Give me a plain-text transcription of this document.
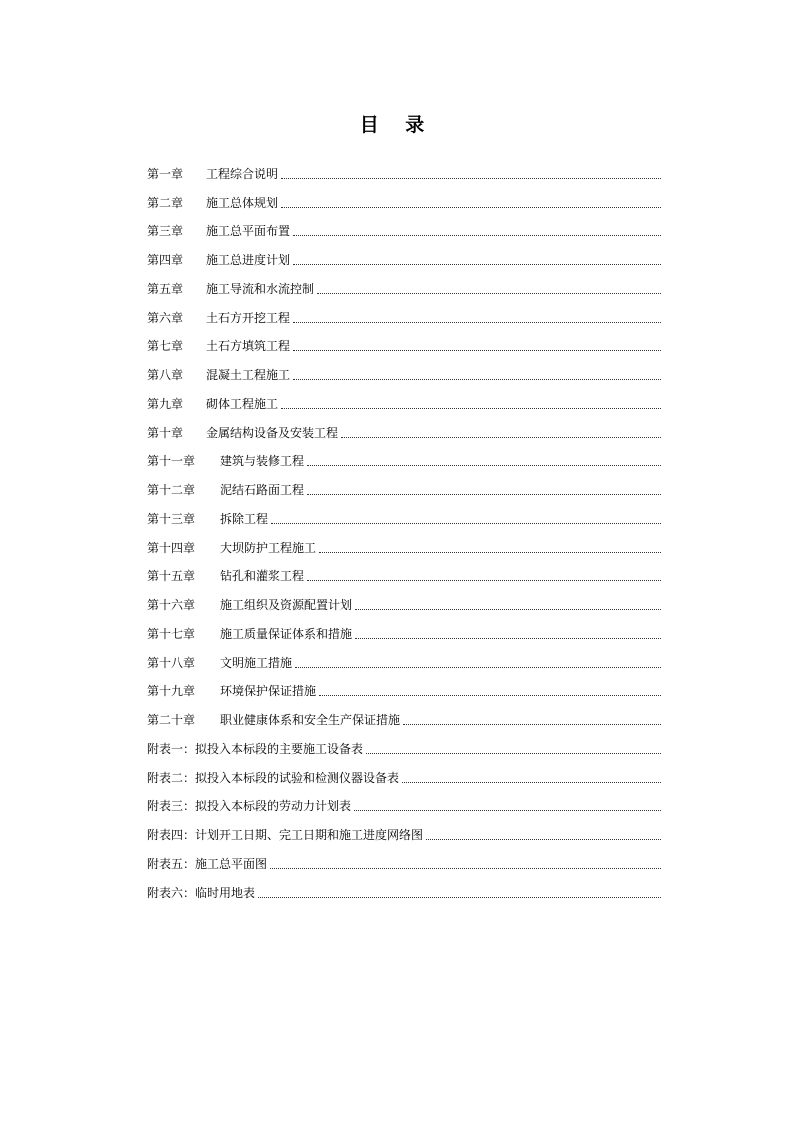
目 录
第一章	工程综合说明
第二章	施工总体规划
第三章	施工总平面布置
第四章	施工总进度计划
第五章	施工导流和水流控制
第六章	土石方开挖工程
第七章	土石方填筑工程
第八章	混凝土工程施工
第九章	砌体工程施工
第十章	金属结构设备及安装工程
第十一章	建筑与装修工程
第十二章	泥结石路面工程
第十三章	拆除工程
第十四章	大坝防护工程施工
第十五章	钻孔和灌浆工程
第十六章	施工组织及资源配置计划
第十七章	施工质量保证体系和措施
第十八章	文明施工措施
第十九章	环境保护保证措施
第二十章	职业健康体系和安全生产保证措施
附表一： 拟投入本标段的主要施工设备表
附表二： 拟投入本标段的试验和检测仪器设备表
附表三： 拟投入本标段的劳动力计划表
附表四： 计划开工日期、完工日期和施工进度网络图
附表五： 施工总平面图
附表六： 临时用地表
